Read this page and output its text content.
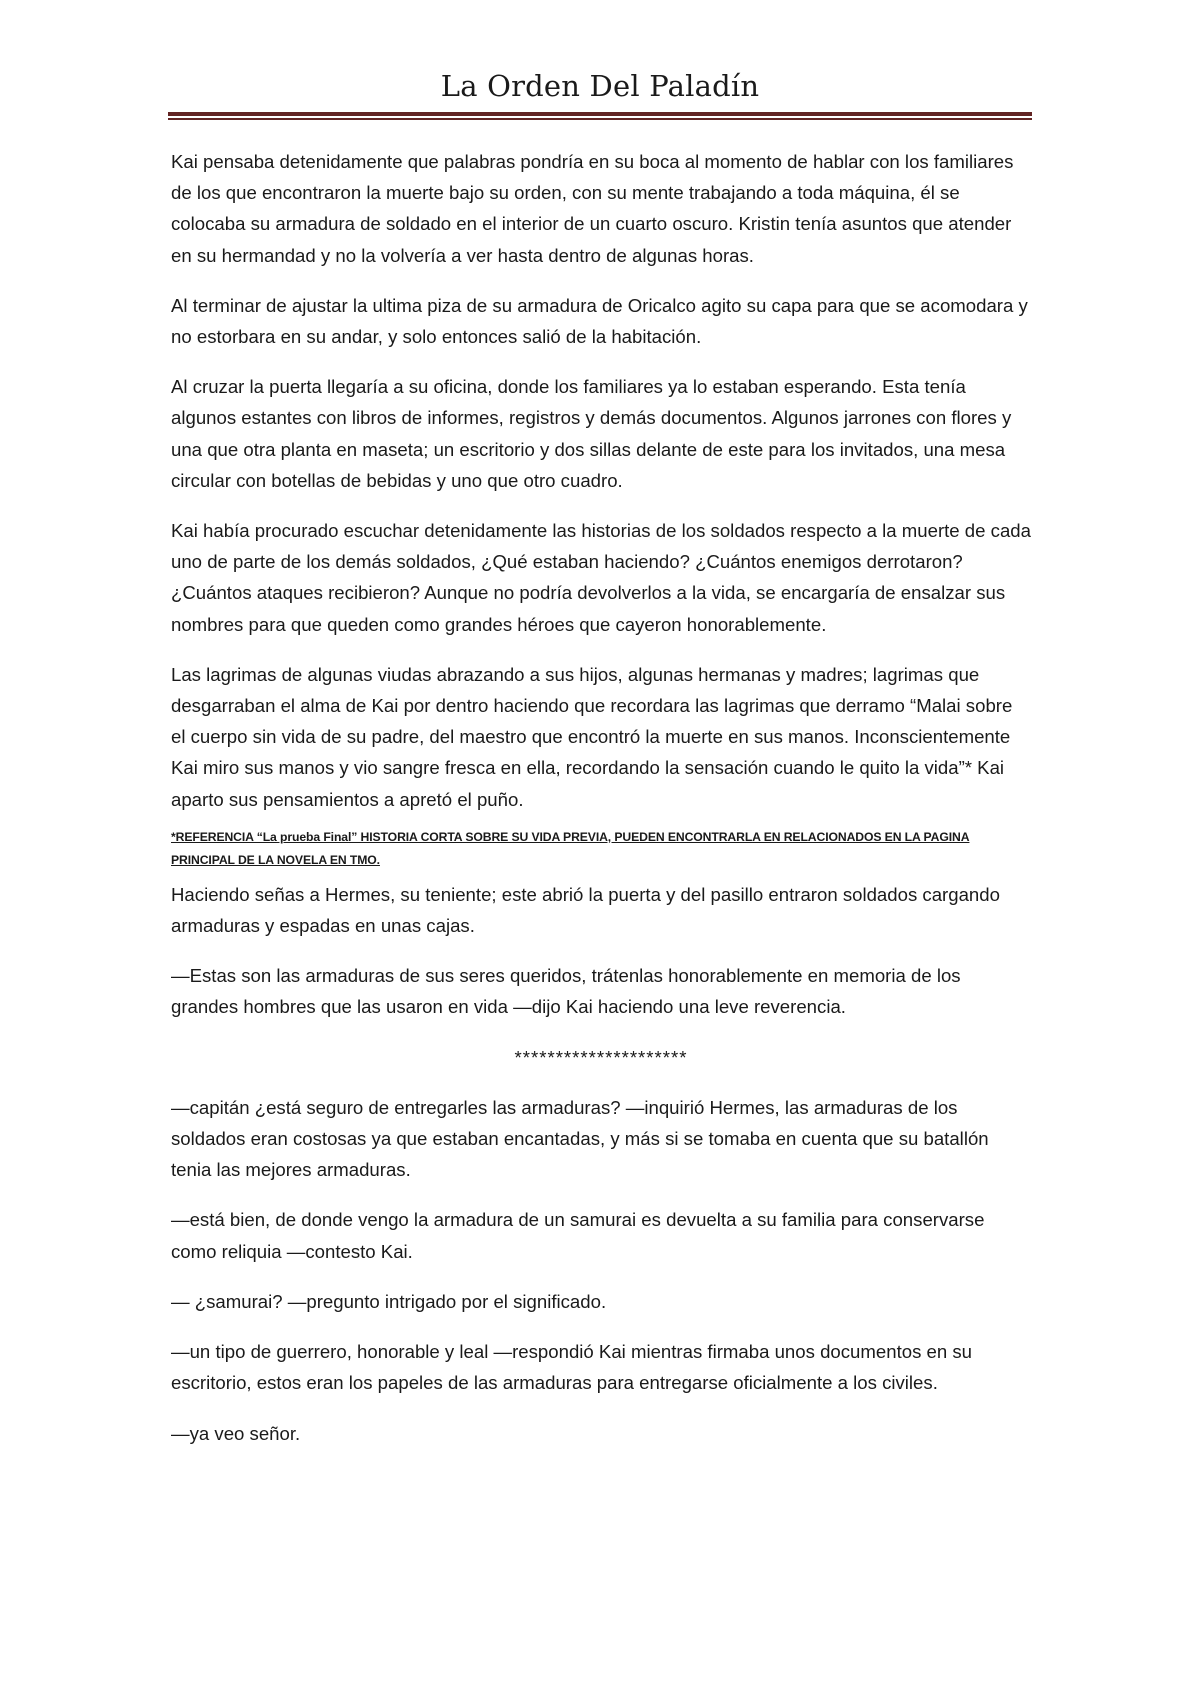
La Orden Del Paladín

Kai pensaba detenidamente que palabras pondría en su boca al momento de hablar con los familiares de los que encontraron la muerte bajo su orden, con su mente trabajando a toda máquina, él se colocaba su armadura de soldado en el interior de un cuarto oscuro. Kristin tenía asuntos que atender en su hermandad y no la volvería a ver hasta dentro de algunas horas.

Al terminar de ajustar la ultima piza de su armadura de Oricalco agito su capa para que se acomodara y no estorbara en su andar, y solo entonces salió de la habitación.

Al cruzar la puerta llegaría a su oficina, donde los familiares ya lo estaban esperando. Esta tenía algunos estantes con libros de informes, registros y demás documentos. Algunos jarrones con flores y una que otra planta en maseta; un escritorio y dos sillas delante de este para los invitados, una mesa circular con botellas de bebidas y uno que otro cuadro.

Kai había procurado escuchar detenidamente las historias de los soldados respecto a la muerte de cada uno de parte de los demás soldados, ¿Qué estaban haciendo? ¿Cuántos enemigos derrotaron? ¿Cuántos ataques recibieron? Aunque no podría devolverlos a la vida, se encargaría de ensalzar sus nombres para que queden como grandes héroes que cayeron honorablemente.

Las lagrimas de algunas viudas abrazando a sus hijos, algunas hermanas y madres; lagrimas que desgarraban el alma de Kai por dentro haciendo que recordara las lagrimas que derramo “Malai sobre el cuerpo sin vida de su padre, del maestro que encontró la muerte en sus manos. Inconscientemente Kai miro sus manos y vio sangre fresca en ella, recordando la sensación cuando le quito la vida”* Kai aparto sus pensamientos a apretó el puño.

*REFERENCIA “La prueba Final” HISTORIA CORTA SOBRE SU VIDA PREVIA, PUEDEN ENCONTRARLA EN RELACIONADOS EN LA PAGINA PRINCIPAL DE LA NOVELA EN TMO.

Haciendo señas a Hermes, su teniente; este abrió la puerta y del pasillo entraron soldados cargando armaduras y espadas en unas cajas.

—Estas son las armaduras de sus seres queridos, trátenlas honorablemente en memoria de los grandes hombres que las usaron en vida —dijo Kai haciendo una leve reverencia.

*********************

—capitán ¿está seguro de entregarles las armaduras? —inquirió Hermes, las armaduras de los soldados eran costosas ya que estaban encantadas, y más si se tomaba en cuenta que su batallón tenia las mejores armaduras.

—está bien, de donde vengo la armadura de un samurai es devuelta a su familia para conservarse como reliquia —contesto Kai.

— ¿samurai? —pregunto intrigado por el significado.

—un tipo de guerrero, honorable y leal —respondió Kai mientras firmaba unos documentos en su escritorio, estos eran los papeles de las armaduras para entregarse oficialmente a los civiles.

—ya veo señor.
